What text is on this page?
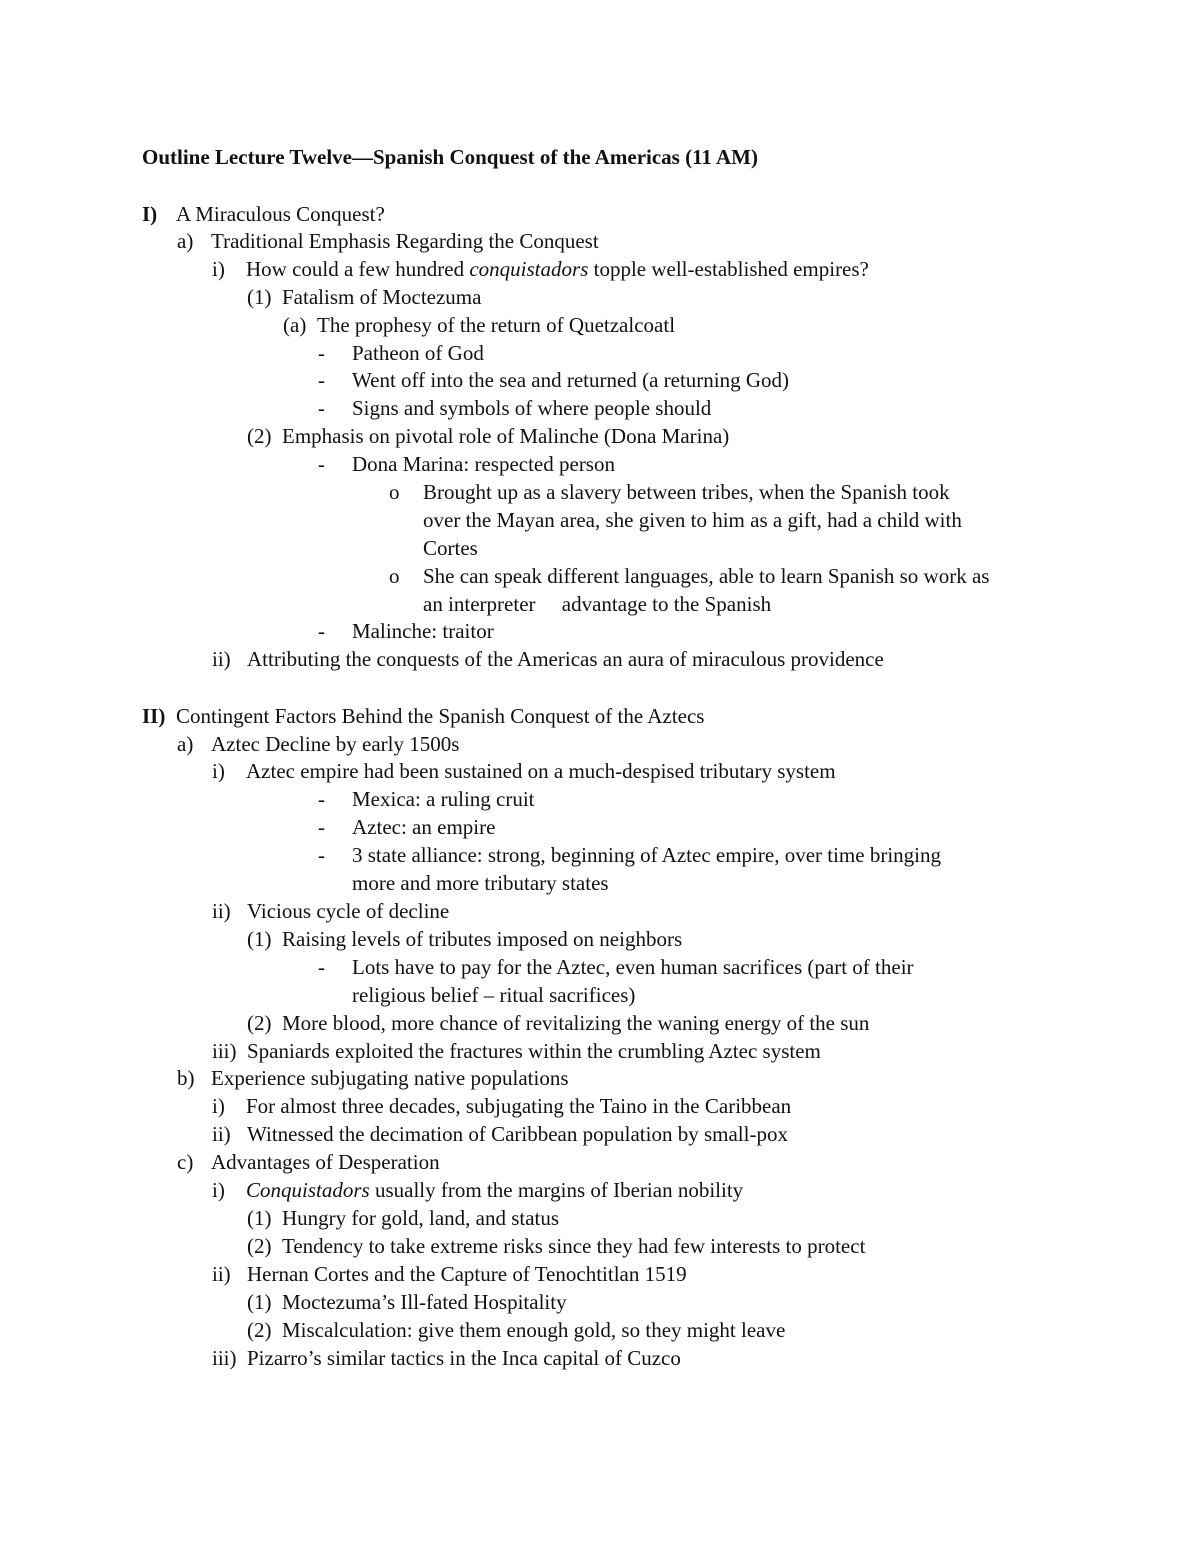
Outline Lecture Twelve—Spanish Conquest of the Americas (11 AM)
I) A Miraculous Conquest?
a) Traditional Emphasis Regarding the Conquest
i) How could a few hundred conquistadors topple well-established empires?
(1) Fatalism of Moctezuma
(a) The prophesy of the return of Quetzalcoatl
- Patheon of God
- Went off into the sea and returned (a returning God)
- Signs and symbols of where people should
(2) Emphasis on pivotal role of Malinche (Dona Marina)
- Dona Marina: respected person
o Brought up as a slavery between tribes, when the Spanish took
over the Mayan area, she given to him as a gift, had a child with
Cortes
o She can speak different languages, able to learn Spanish so work as
an interpreter     advantage to the Spanish
- Malinche: traitor
ii) Attributing the conquests of the Americas an aura of miraculous providence
II) Contingent Factors Behind the Spanish Conquest of the Aztecs
a) Aztec Decline by early 1500s
i) Aztec empire had been sustained on a much-despised tributary system
- Mexica: a ruling cruit
- Aztec: an empire
- 3 state alliance: strong, beginning of Aztec empire, over time bringing
more and more tributary states
ii) Vicious cycle of decline
(1) Raising levels of tributes imposed on neighbors
- Lots have to pay for the Aztec, even human sacrifices (part of their
religious belief – ritual sacrifices)
(2) More blood, more chance of revitalizing the waning energy of the sun
iii) Spaniards exploited the fractures within the crumbling Aztec system
b) Experience subjugating native populations
i) For almost three decades, subjugating the Taino in the Caribbean
ii) Witnessed the decimation of Caribbean population by small-pox
c) Advantages of Desperation
i) Conquistadors usually from the margins of Iberian nobility
(1) Hungry for gold, land, and status
(2) Tendency to take extreme risks since they had few interests to protect
ii) Hernan Cortes and the Capture of Tenochtitlan 1519
(1) Moctezuma’s Ill-fated Hospitality
(2) Miscalculation: give them enough gold, so they might leave
iii) Pizarro’s similar tactics in the Inca capital of Cuzco
